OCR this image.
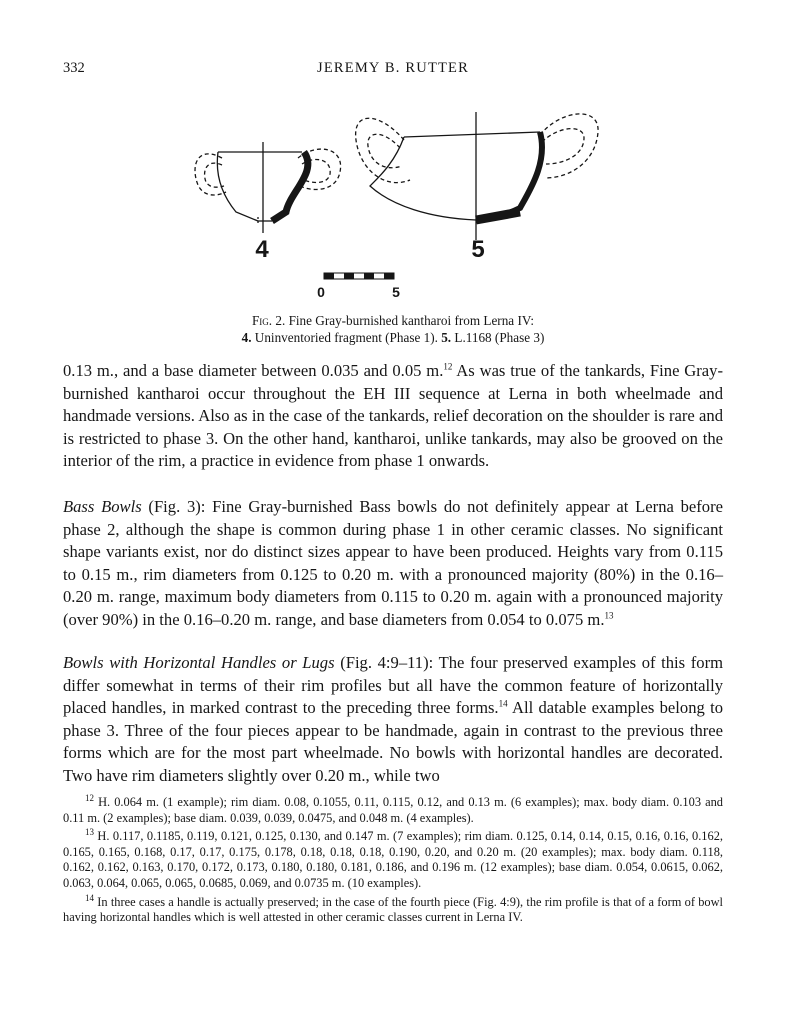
332	JEREMY B. RUTTER
4	5
0	5
Fig. 2. Fine Gray-burnished kantharoi from Lerna IV:
4. Uninventoried fragment (Phase 1). 5. L.1168 (Phase 3)

0.13 m., and a base diameter between 0.035 and 0.05 m.$^{12}$ As was true of the tankards, Fine Gray-burnished kantharoi occur throughout the EH III sequence at Lerna in both wheelmade and handmade versions. Also as in the case of the tankards, relief decoration on the shoulder is rare and is restricted to phase 3. On the other hand, kantharoi, unlike tankards, may also be grooved on the interior of the rim, a practice in evidence from phase 1 onwards.

Bass Bowls (Fig. 3): Fine Gray-burnished Bass bowls do not definitely appear at Lerna before phase 2, although the shape is common during phase 1 in other ceramic classes. No significant shape variants exist, nor do distinct sizes appear to have been produced. Heights vary from 0.115 to 0.15 m., rim diameters from 0.125 to 0.20 m. with a pronounced majority (80%) in the 0.16–0.20 m. range, maximum body diameters from 0.115 to 0.20 m. again with a pronounced majority (over 90%) in the 0.16–0.20 m. range, and base diameters from 0.054 to 0.075 m.$^{13}$

Bowls with Horizontal Handles or Lugs (Fig. 4:9–11): The four preserved examples of this form differ somewhat in terms of their rim profiles but all have the common feature of horizontally placed handles, in marked contrast to the preceding three forms.$^{14}$ All datable examples belong to phase 3. Three of the four pieces appear to be handmade, again in contrast to the previous three forms which are for the most part wheelmade. No bowls with horizontal handles are decorated. Two have rim diameters slightly over 0.20 m., while two

$^{12}$ H. 0.064 m. (1 example); rim diam. 0.08, 0.1055, 0.11, 0.115, 0.12, and 0.13 m. (6 examples); max. body diam. 0.103 and 0.11 m. (2 examples); base diam. 0.039, 0.039, 0.0475, and 0.048 m. (4 examples).

$^{13}$ H. 0.117, 0.1185, 0.119, 0.121, 0.125, 0.130, and 0.147 m. (7 examples); rim diam. 0.125, 0.14, 0.14, 0.15, 0.16, 0.16, 0.162, 0.165, 0.165, 0.168, 0.17, 0.17, 0.175, 0.178, 0.18, 0.18, 0.18, 0.190, 0.20, and 0.20 m. (20 examples); max. body diam. 0.118, 0.162, 0.162, 0.163, 0.170, 0.172, 0.173, 0.180, 0.180, 0.181, 0.186, and 0.196 m. (12 examples); base diam. 0.054, 0.0615, 0.062, 0.063, 0.064, 0.065, 0.065, 0.0685, 0.069, and 0.0735 m. (10 examples).

$^{14}$ In three cases a handle is actually preserved; in the case of the fourth piece (Fig. 4:9), the rim profile is that of a form of bowl having horizontal handles which is well attested in other ceramic classes current in Lerna IV.
